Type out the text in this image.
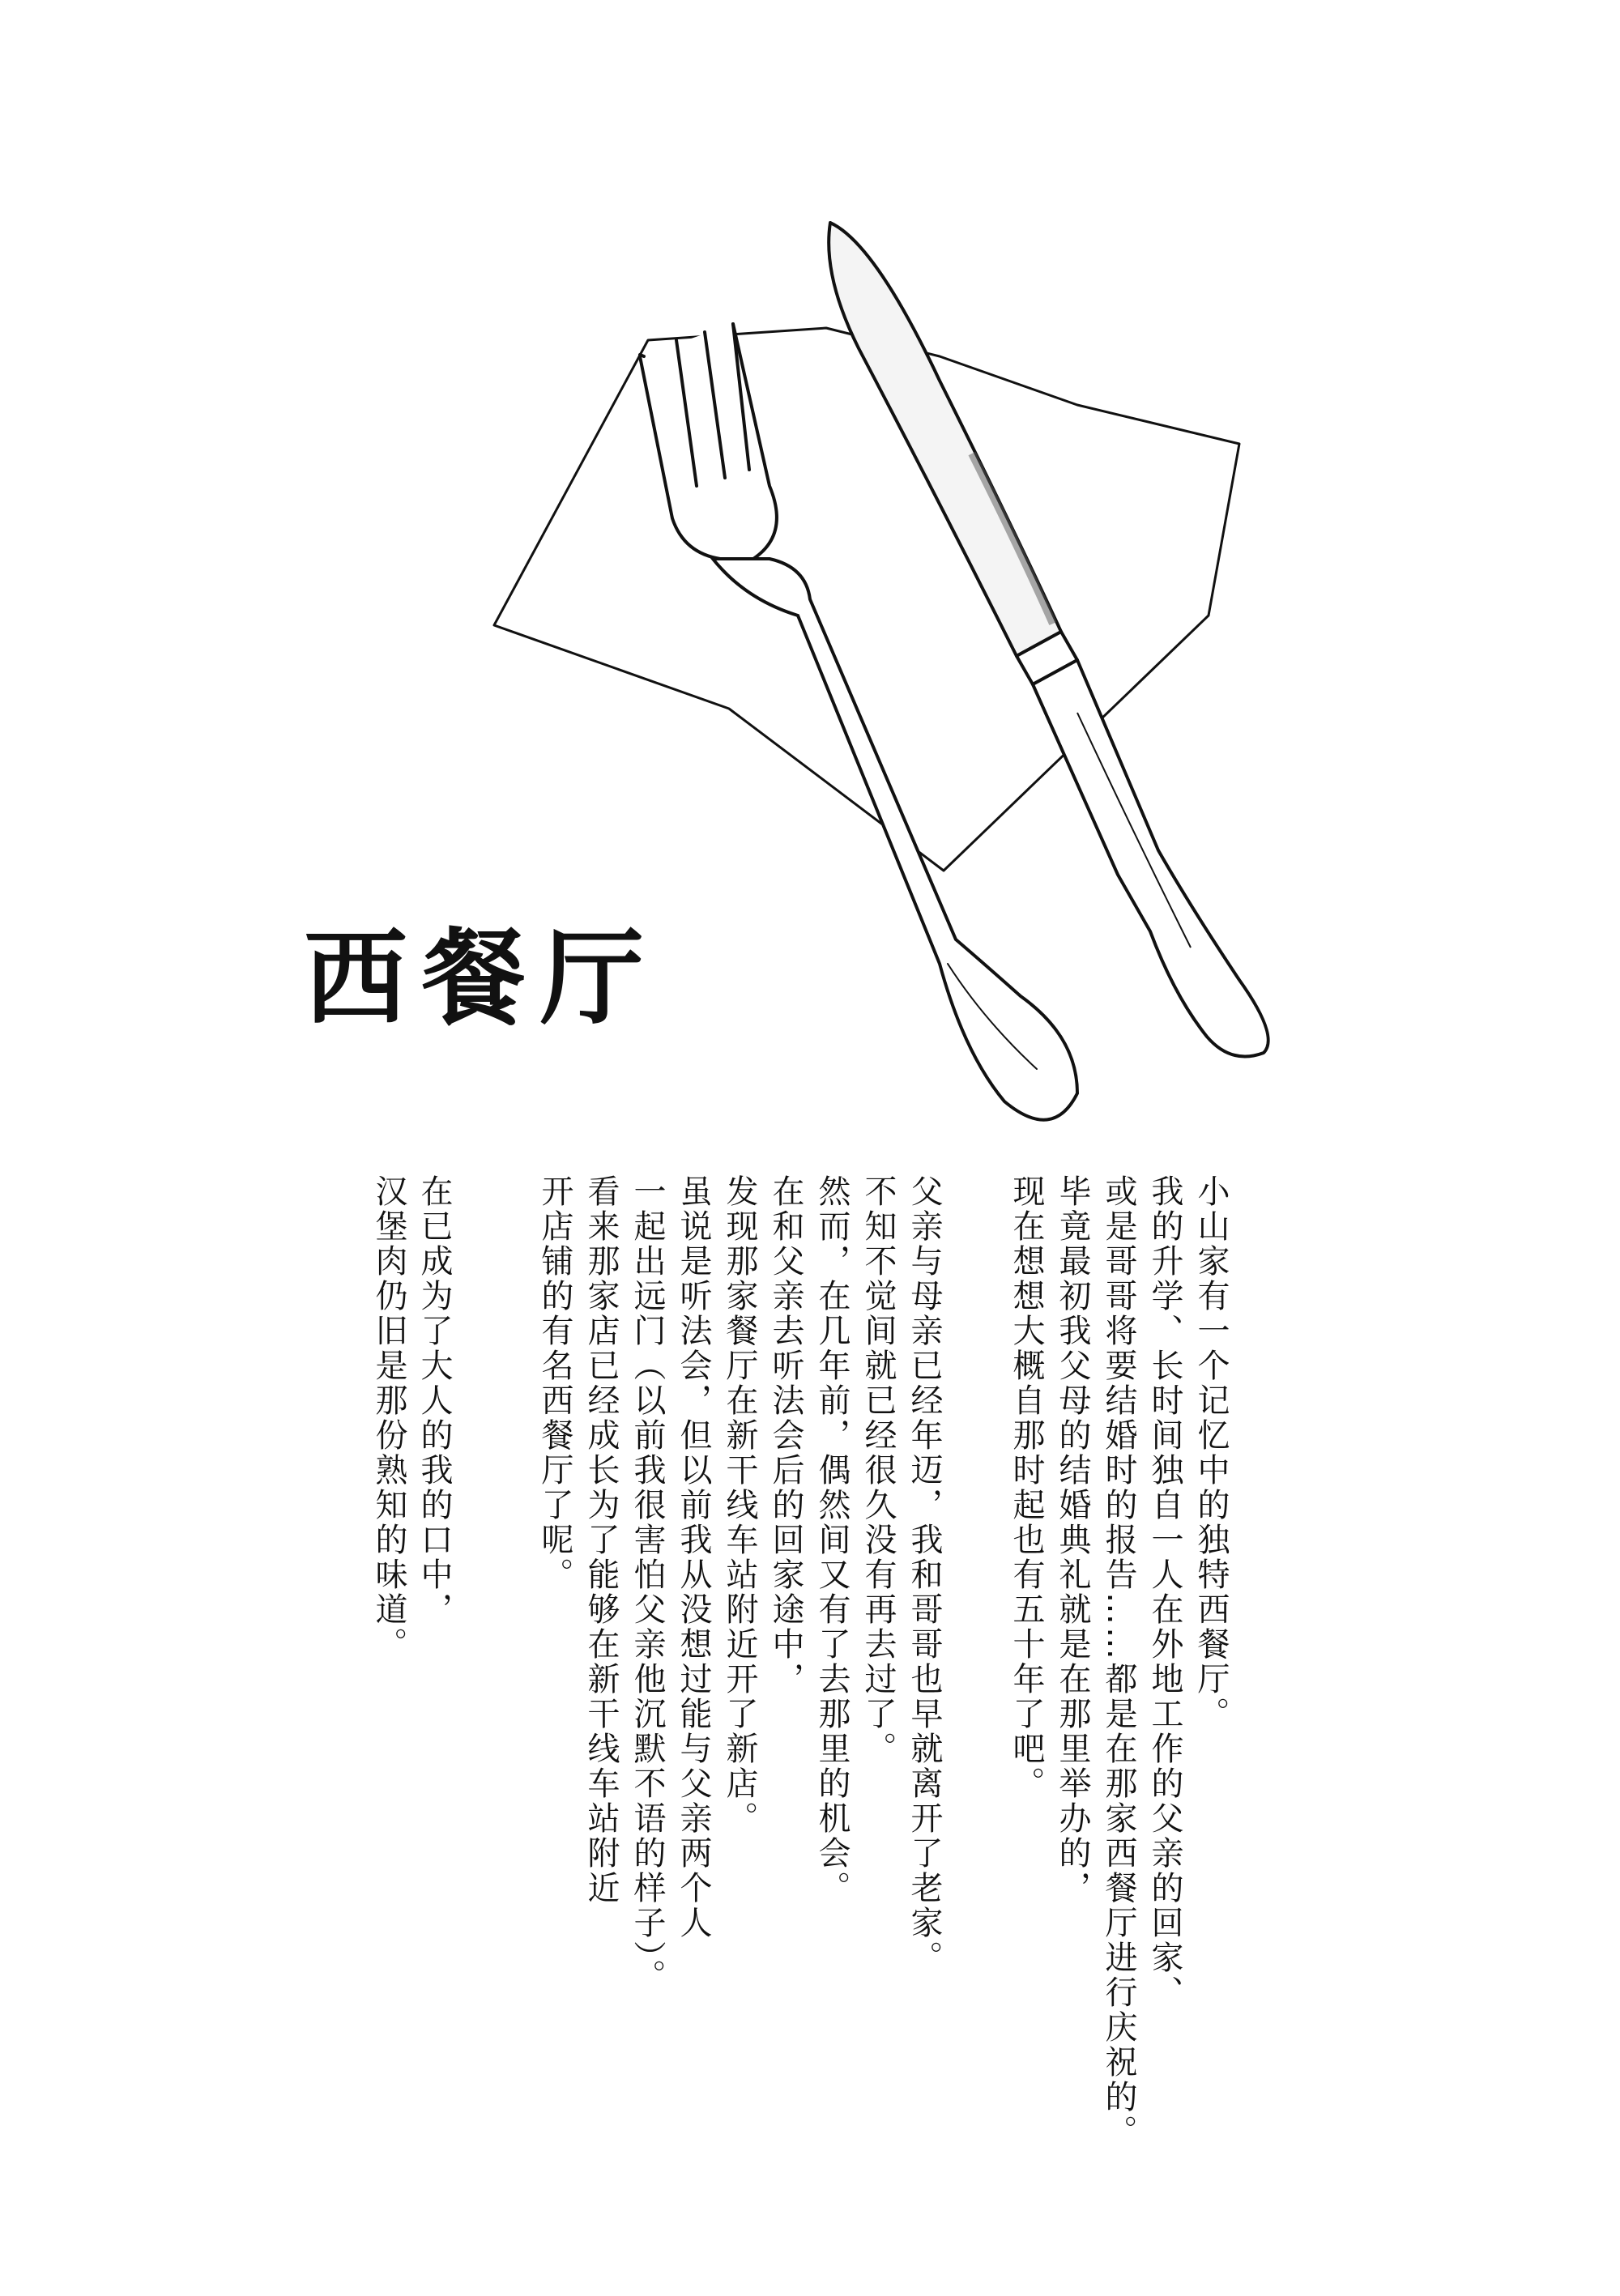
西餐厅
小山家有一个记忆中的独特西餐厅。
我的升学、长时间独自一人在外地工作的父亲的回家、
或是哥哥将要结婚时的报告……都是在那家西餐厅进行庆祝的。
毕竟最初我父母的结婚典礼就是在那里举办的，
现在想想大概自那时起也有五十年了吧。
父亲与母亲已经年迈，我和哥哥也早就离开了老家。
不知不觉间就已经很久没有再去过了。
然而，在几年前，偶然间又有了去那里的机会。
在和父亲去听法会后的回家途中，
发现那家餐厅在新干线车站附近开了新店。
虽说是听法会，但以前我从没想过能与父亲两个人
一起出远门（以前我很害怕父亲他沉默不语的样子）。
看来那家店已经成长为了能够在新干线车站附近
开店铺的有名西餐厅了呢。
在已成为了大人的我的口中，
汉堡肉仍旧是那份熟知的味道。
